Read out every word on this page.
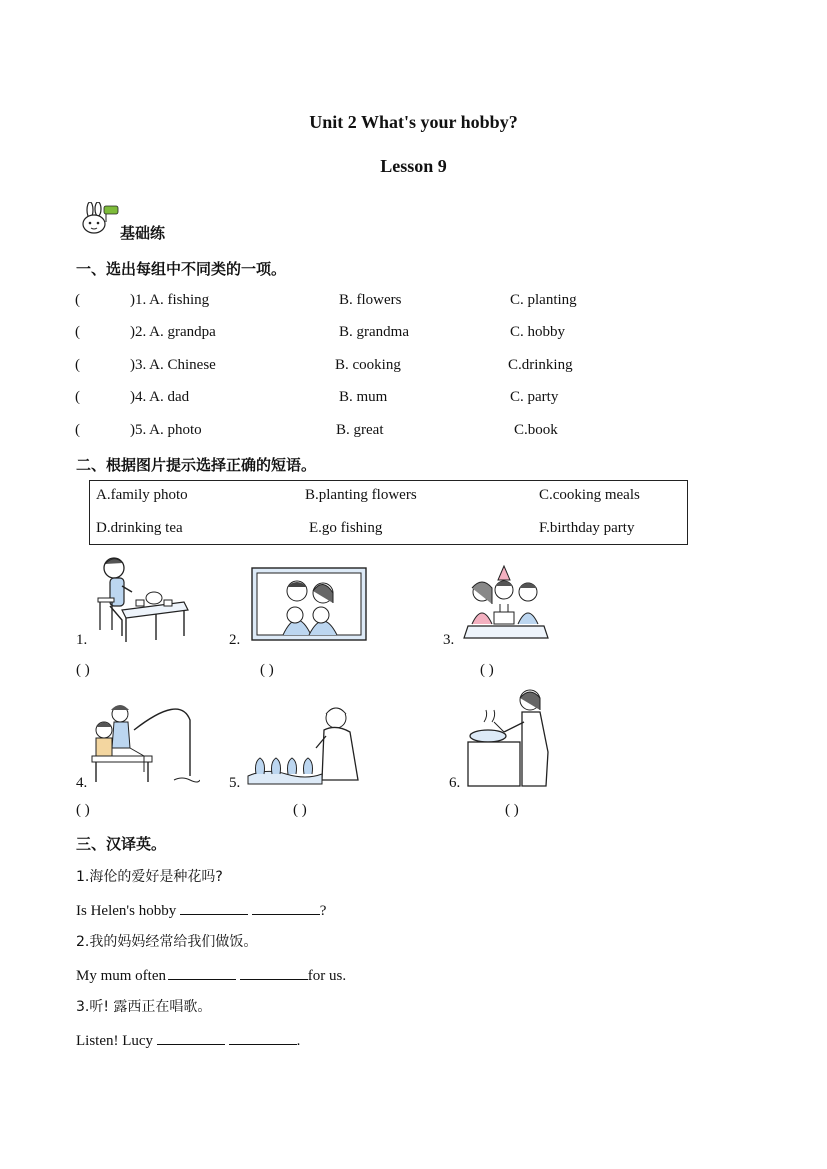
Unit 2 What's your hobby?
Lesson 9
基础练
一、选出每组中不同类的一项。
(	)1. A. fishing	B. flowers	C. planting
(	)2. A. grandpa	B. grandma	C. hobby
(	)3. A. Chinese	B. cooking	C.drinking
(	)4. A. dad	B. mum	C. party
(	)5. A. photo	B. great	C.book
二、根据图片提示选择正确的短语。
A.family photo	B.planting flowers	C.cooking meals
D.drinking tea	E.go fishing	F.birthday party
1.
( )
2.
( )
3.
( )
4.
( )
5.
( )
6.
( )
三、汉译英。
1.海伦的爱好是种花吗?
Is Helen's hobby	?
2.我的妈妈经常给我们做饭。
My mum often	for us.
3.听! 露西正在唱歌。
Listen! Lucy	.
